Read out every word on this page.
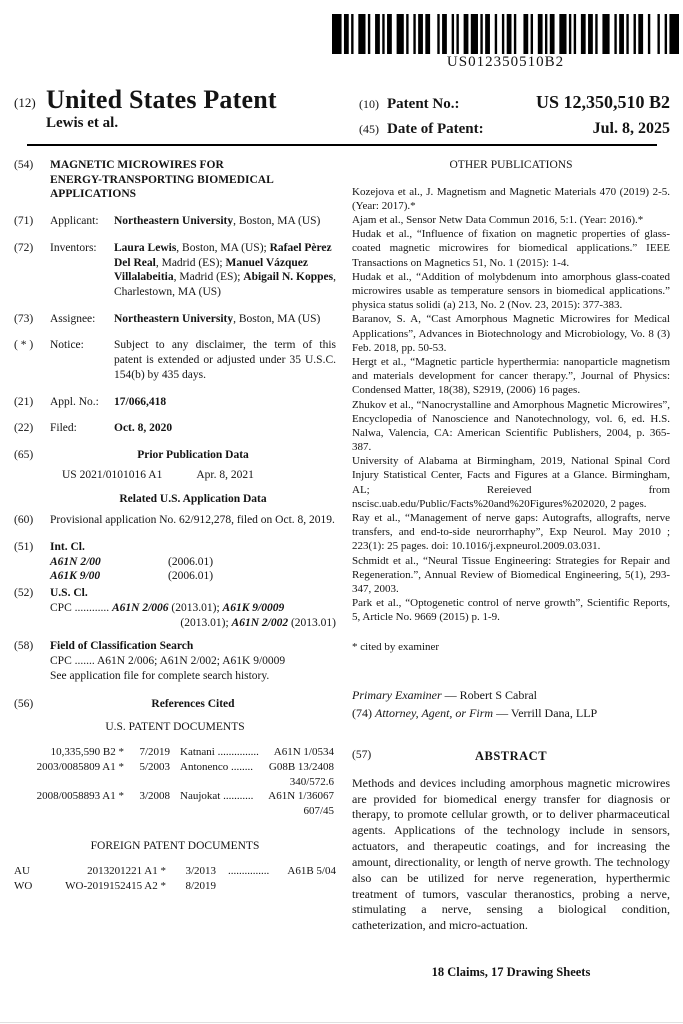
US012350510B2
(12) United States Patent
Lewis et al.
(10) Patent No.:	US 12,350,510 B2
(45) Date of Patent:	Jul. 8, 2025
(54)	MAGNETIC MICROWIRES FOR
ENERGY-TRANSPORTING BIOMEDICAL
APPLICATIONS
(71)	Applicant:	Northeastern University, Boston, MA (US)
(72)	Inventors:	Laura Lewis, Boston, MA (US); Rafael Pèrez Del Real, Madrid (ES); Manuel Vázquez Villalabeitia, Madrid (ES); Abigail N. Koppes, Charlestown, MA (US)
(73)	Assignee:	Northeastern University, Boston, MA (US)
( * )	Notice:	Subject to any disclaimer, the term of this patent is extended or adjusted under 35 U.S.C. 154(b) by 435 days.
(21)	Appl. No.:	17/066,418
(22)	Filed:	Oct. 8, 2020
(65)	Prior Publication Data
US 2021/0101016 A1	Apr. 8, 2021
Related U.S. Application Data
(60)	Provisional application No. 62/912,278, filed on Oct. 8, 2019.
(51)	Int. Cl.
A61N 2/00	(2006.01)
A61K 9/00	(2006.01)
(52)	U.S. Cl.
CPC ............ A61N 2/006 (2013.01); A61K 9/0009
(2013.01); A61N 2/002 (2013.01)
(58)	Field of Classification Search
CPC ....... A61N 2/006; A61N 2/002; A61K 9/0009
See application file for complete search history.
(56)	References Cited
U.S. PATENT DOCUMENTS
10,335,590 B2 *	7/2019 Katnani ............... A61N 1/0534
2003/0085809 A1 *	5/2003 Antonenco ........ G08B 13/2408
340/572.6
2008/0058893 A1 *	3/2008 Naujokat ........... A61N 1/36067
607/45
FOREIGN PATENT DOCUMENTS
AU	2013201221 A1 *	3/2013 ............... A61B 5/04
WO	WO-2019152415 A2 *	8/2019
OTHER PUBLICATIONS
Kozejova et al., J. Magnetism and Magnetic Materials 470 (2019) 2-5. (Year: 2017).*
Ajam et al., Sensor Netw Data Commun 2016, 5:1. (Year: 2016).*
Hudak et al., “Influence of fixation on magnetic properties of glass-coated magnetic microwires for biomedical applications.” IEEE Transactions on Magnetics 51, No. 1 (2015): 1-4.
Hudak et al., “Addition of molybdenum into amorphous glass-coated microwires usable as temperature sensors in biomedical applications.” physica status solidi (a) 213, No. 2 (Nov. 23, 2015): 377-383.
Baranov, S. A, “Cast Amorphous Magnetic Microwires for Medical Applications”, Advances in Biotechnology and Microbiology, Vo. 8 (3) Feb. 2018, pp. 50-53.
Hergt et al., “Magnetic particle hyperthermia: nanoparticle magnetism and materials development for cancer therapy.”, Journal of Physics: Condensed Matter, 18(38), S2919, (2006) 16 pages.
Zhukov et al., “Nanocrystalline and Amorphous Magnetic Microwires”, Encyclopedia of Nanoscience and Nanotechnology, vol. 6, ed. H.S. Nalwa, Valencia, CA: American Scientific Publishers, 2004, p. 365-387.
University of Alabama at Birmingham, 2019, National Spinal Cord Injury Statistical Center, Facts and Figures at a Glance. Birmingham, AL; Rereieved from nscisc.uab.edu/Public/Facts%20and%20Figures%202020, 2 pages.
Ray et al., “Management of nerve gaps: Autografts, allografts, nerve transfers, and end-to-side neurorrhaphy”, Exp Neurol. May 2010 ; 223(1): 25 pages. doi: 10.1016/j.expneurol.2009.03.031.
Schmidt et al., “Neural Tissue Engineering: Strategies for Repair and Regeneration.”, Annual Review of Biomedical Engineering, 5(1), 293-347, 2003.
Park et al., “Optogenetic control of nerve growth”, Scientific Reports, 5, Article No. 9669 (2015) p. 1-9.
* cited by examiner
Primary Examiner — Robert S Cabral
(74) Attorney, Agent, or Firm — Verrill Dana, LLP
(57)	ABSTRACT
Methods and devices including amorphous magnetic microwires are provided for biomedical energy transfer for diagnosis or therapy, to promote cellular growth, or to deliver pharmaceutical agents. Applications of the technology include in sensors, actuators, and therapeutic coatings, and for increasing the amount, directionality, or length of nerve growth. The technology also can be utilized for nerve regeneration, hyperthermic treatment of tumors, vascular theranostics, probing a nerve, stimulating a nerve, sensing a biological condition, catheterization, and micro-actuation.
18 Claims, 17 Drawing Sheets
